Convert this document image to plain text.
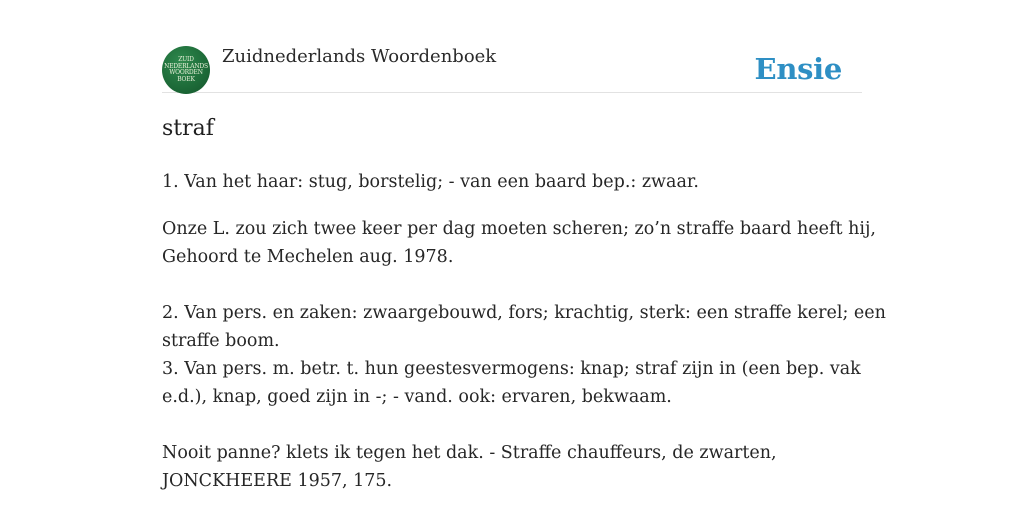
ZUID
NEDERLANDS
WOORDEN
BOEK
Zuidnederlands Woordenboek	Ensie
straf

1. Van het haar: stug, borstelig; - van een baard bep.: zwaar.

Onze L. zou zich twee keer per dag moeten scheren; zo’n straffe baard heeft hij,
Gehoord te Mechelen aug. 1978.

2. Van pers. en zaken: zwaargebouwd, fors; krachtig, sterk: een straffe kerel; een
straffe boom.
3. Van pers. m. betr. t. hun geestesvermogens: knap; straf zijn in (een bep. vak
e.d.), knap, goed zijn in -; - vand. ook: ervaren, bekwaam.

Nooit panne? klets ik tegen het dak. - Straffe chauffeurs, de zwarten,
JONCKHEERE 1957, 175.
